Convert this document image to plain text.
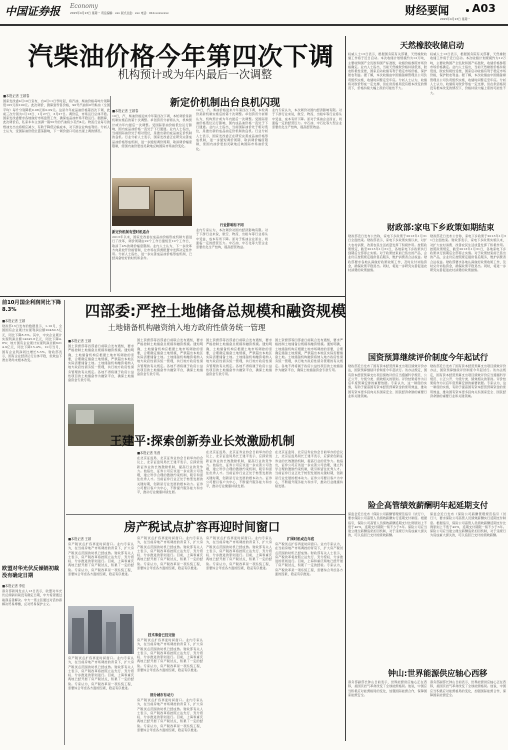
中国证券报 Economy
2015年4月13日 星期一 责任编辑：xxx 版式总监：xxx 电话：010-xxxxxxxx	财经要闻 A03
2015年4月13日 星期一
汽柴油价格今年第四次下调
机构预计或为年内最后一次调整
■本报记者 王颖春
国家发改委4月10日宣布，自4月11日零时起，将汽油、柴油价格每吨分别降低105元和100元。此次调价，测算到零售价格，90号汽油和0号柴油（全国平均）每升分别降低0.08元和0.09元。这是今年成品油价格第四次下调，此前三次分别为1月13日、1月27日、3月27日。调价后，市场运行总体平稳。国家发改委要求各地做好市场监管工作，确保成品油市场平稳运行。据测算，此次调价后，私家车车主加满一箱50升的汽油将少花约4元。物流行业每月的燃油支出也将相应减少，有助于降低运输成本，对下游企业构成利好。分析人士认为，受国际油价低位震荡影响，下一调价窗口可能出现上调的情况。
新定价机制出台良机闪现
■本报记者 王颖春
10日，汽、柴油价格迎来今年第四次下调，本轮调价是新机制实施后的第十次调整。卓创资讯分析师认为，机构预计或为年内最后一次调整。受国际原油价格低位运行影响，国内成品油价格一直处于下行通道。业内人士指出，当前国际油价处于相对低位，是推出新的成品油定价机制的良机。行业分析人士表示，国家发改委正在研究完善成品油价格形成机制，进一步缩短调价周期、取消调价幅度限制，使国内油价更加灵敏地反映国际市场油价变化。
新定价机制有望时机适合
2013年以来，国家发改委在成品油价格形成机制方面进行了改革，调价周期由22个工作日缩短至10个工作日，取消了4%的调价幅度限制。业内人士认为，下一步改革方向是放开价格管制，让市场在资源配置中发挥决定性作用。分析人士指出，进一步完善成品油价格形成机制，已经具备较好的时机和条件。
10日，汽、柴油价格迎来今年第四次下调，本轮调价是新机制实施后的第十次调整。卓创资讯分析师认为，机构预计或为年内最后一次调整。受国际原油价格低位运行影响，国内成品油价格一直处于下行通道。业内人士指出，当前国际油价处于相对低位，是推出新的成品油定价机制的良机。行业分析人士表示，国家发改委正在研究完善成品油价格形成机制，进一步缩短调价周期、取消调价幅度限制，使国内油价更加灵敏地反映国际市场油价变化。
行业影响有不同
业内专家认为，本次调价对国内经济影响有限。对于下游行业来说，航空、物流、出租车等行业将从中受益，成本有所下降。而对于炼油企业而言，则面临一定的经营压力。中石油、中石化等大型企业需要优化生产结构，提高经营效益。
业内专家认为，本次调价对国内经济影响有限。对于下游行业来说，航空、物流、出租车等行业将从中受益，成本有所下降。而对于炼油企业而言，则面临一定的经营压力。中石油、中石化等大型企业需要优化生产结构，提高经营效益。
天然橡胶收储启动
权威人士13日表示，根据国务院有关部署，天然橡胶收储工作将于近日启动。本次收储计划规模约为12万吨，主要收购国产全乳胶和国产标准胶，收储价格参照市场价格确定。业内人士指出，当前天然橡胶价格持续低迷，胶农积极性受挫，国家启动收储有利于稳定市场价格，保护胶农利益。据了解，本次收储由中国储备棉管理总公司负责组织实施，收储时间暂定至年底。分析人士认为，收储将对胶价形成一定支撑，但在供需格局没有根本改变的情况下，价格持续大幅上涨的可能性不大。
权威人士13日表示，根据国务院有关部署，天然橡胶收储工作将于近日启动。本次收储计划规模约为12万吨，主要收购国产全乳胶和国产标准胶，收储价格参照市场价格确定。业内人士指出，当前天然橡胶价格持续低迷，胶农积极性受挫，国家启动收储有利于稳定市场价格，保护胶农利益。据了解，本次收储由中国储备棉管理总公司负责组织实施，收储时间暂定至年底。分析人士认为，收储将对胶价形成一定支撑，但在供需格局没有根本改变的情况下，价格持续大幅上涨的可能性不大。
财政部:家电下乡政策如期结束
财政部近日发布公告称，家电下乡政策于2013年1月31日全面结束。财政部表示，家电下乡政策实施以来，对扩大农村消费、改善农民生活质量发挥了积极作用。按照政策规定，截至2013年1月31日，各地家电下乡政策执行到期后全部停止实施。对于政策结束前已售出的产品，企业仍应按照规定提供售后服务，维护消费者合法权益。财政部要求各地认真做好政策收尾工作，及时兑付补贴资金，确保政策平稳退出。同时，将进一步研究完善促进农村消费的政策措施。
财政部近日发布公告称，家电下乡政策于2013年1月31日全面结束。财政部表示，家电下乡政策实施以来，对扩大农村消费、改善农民生活质量发挥了积极作用。按照政策规定，截至2013年1月31日，各地家电下乡政策执行到期后全部停止实施。对于政策结束前已售出的产品，企业仍应按照规定提供售后服务，维护消费者合法权益。财政部要求各地认真做好政策收尾工作，及时兑付补贴资金，确保政策平稳退出。同时，将进一步研究完善促进农村消费的政策措施。
国资预算继续评价制度今年起试行
财政部近日发布了国有资本经营预算支出项目绩效评价办法，国资预算继续评价制度今年起试行。该办法规定，国有资本经营预算支出项目绩效评价应当遵循科学规范、公正公开、分级分类、绩效相关的原则。评价结果将作为以后年度预算安排的重要依据。专家认为，这一制度的实施，有助于提高国有资本经营预算资金的使用效益，推动国有资本更多投向关系国家安全、国民经济命脉的重要行业和关键领域。
财政部近日发布了国有资本经营预算支出项目绩效评价办法，国资预算继续评价制度今年起试行。该办法规定，国有资本经营预算支出项目绩效评价应当遵循科学规范、公正公开、分级分类、绩效相关的原则。评价结果将作为以后年度预算安排的重要依据。专家认为，这一制度的实施，有助于提高国有资本经营预算资金的使用效益，推动国有资本更多投向关系国家安全、国民经济命脉的重要行业和关键领域。
险企高管绩效薪酬明年起延期支付
保监会近日发布《保险公司薪酬管理规范指引（试行）》，要求保险公司高管人员绩效薪酬实行延期支付制度。根据指引，保险公司高管人员绩效薪酬延期支付比例原则上不低于40%，延期支付期限一般不少于3年。保险公司应当建立健全薪酬追索扣回机制，对于违规行为造成重大损失的，可以追回已支付的绩效薪酬。
保监会近日发布《保险公司薪酬管理规范指引（试行）》，要求保险公司高管人员绩效薪酬实行延期支付制度。根据指引，保险公司高管人员绩效薪酬延期支付比例原则上不低于40%，延期支付期限一般不少于3年。保险公司应当建立健全薪酬追索扣回机制，对于违规行为造成重大损失的，可以追回已支付的绩效薪酬。
钟山:世界能源供应轴心西移
商务部副部长钟山日前表示，世界能源供应轴心正在西移，美国页岩气革命改变了全球能源格局。他说，中国应当积极应对能源格局的变化，加强国际能源合作，保障国家能源安全。
商务部副部长钟山日前表示，世界能源供应轴心正在西移，美国页岩气革命改变了全球能源格局。他说，中国应当积极应对能源格局的变化，加强国际能源合作，保障国家能源安全。
前10月国企利润同比下降8.3%
■本报记者 王颖
财政部13日发布的数据显示，1-10月，全国国有企业累计实现利润总额20460.5亿元，同比下降8.3%。其中，中央企业累计实现利润总额14245.6亿元，同比下降4.8%；地方国有企业累计实现利润总额6214.9亿元，同比下降15.4%。10月当月，国有企业利润同比增长5.3%。财政部表示，国有企业经济运行总体平稳，但效益下滑态势尚未根本改变。
欧盟对华光伏反倾销初裁没有确定日期
■本报记者 李佳
商务部新闻发言人13日表示，欧盟对华光伏反倾销初裁没有确定日期，中方希望通过磋商妥善解决。中方一贯主张通过对话协商解决贸易摩擦，反对贸易保护主义。
四部委:严控土地储备总规模和融资规模
土地储备机构融资纳入地方政府性债务统一管理
■本报记者 王颖
国土资源部等四部委日前联合发布通知，要求严格控制土地储备总规模和融资规模。通知明确，土地储备机构应根据土地市场调控的需要，合理确定储备土地规模，严禁超出本地区实际需要储备土地。土地储备机构融资将纳入地方政府性债务统一管理，执行地方政府性债务管理的有关规定。各地不得将属于政府公益性项目的土地储备作为融资平台，确保土地储备资金专款专用。
国土资源部等四部委日前联合发布通知，要求严格控制土地储备总规模和融资规模。通知明确，土地储备机构应根据土地市场调控的需要，合理确定储备土地规模，严禁超出本地区实际需要储备土地。土地储备机构融资将纳入地方政府性债务统一管理，执行地方政府性债务管理的有关规定。各地不得将属于政府公益性项目的土地储备作为融资平台，确保土地储备资金专款专用。
国土资源部等四部委日前联合发布通知，要求严格控制土地储备总规模和融资规模。通知明确，土地储备机构应根据土地市场调控的需要，合理确定储备土地规模，严禁超出本地区实际需要储备土地。土地储备机构融资将纳入地方政府性债务统一管理，执行地方政府性债务管理的有关规定。各地不得将属于政府公益性项目的土地储备作为融资平台，确保土地储备资金专款专用。
国土资源部等四部委日前联合发布通知，要求严格控制土地储备总规模和融资规模。通知明确，土地储备机构应根据土地市场调控的需要，合理确定储备土地规模，严禁超出本地区实际需要储备土地。土地储备机构融资将纳入地方政府性债务统一管理，执行地方政府性债务管理的有关规定。各地不得将属于政府公益性项目的土地储备作为融资平台，确保土地储备资金专款专用。
王建平:探索创新券业长效激励机制
■本报记者 朱茵
在北京证监局、北京证券业协会日前举办的会议上，北京证监局局长王建平表示，应探索创新证券业的长效激励机制，提高行业的竞争力。他指出，证券公司应该进一步完善公司治理，建立科学合理的激励约束机制，吸引和留住优秀人才。当前证券行业正处于转型发展的关键时期，创新是行业发展的根本动力。证券公司要以客户为中心，不断提升服务能力和水平，推动行业健康持续发展。
在北京证监局、北京证券业协会日前举办的会议上，北京证监局局长王建平表示，应探索创新证券业的长效激励机制，提高行业的竞争力。他指出，证券公司应该进一步完善公司治理，建立科学合理的激励约束机制，吸引和留住优秀人才。当前证券行业正处于转型发展的关键时期，创新是行业发展的根本动力。证券公司要以客户为中心，不断提升服务能力和水平，推动行业健康持续发展。
在北京证监局、北京证券业协会日前举办的会议上，北京证监局局长王建平表示，应探索创新证券业的长效激励机制，提高行业的竞争力。他指出，证券公司应该进一步完善公司治理，建立科学合理的激励约束机制，吸引和留住优秀人才。当前证券行业正处于转型发展的关键时期，创新是行业发展的根本动力。证券公司要以客户为中心，不断提升服务能力和水平，推动行业健康持续发展。
房产税试点扩容再迎时间窗口
■本报记者 王颖
房产税试点扩容再迎时间窗口。业内专家认为，在当前房地产市场调控的背景下，扩大房产税试点范围的时机已经成熟。财政部有关人士表示，房产税改革将按照立法先行、充分授权、分步推进的原则进行。目前，上海和重庆两地已经开展了房产税试点，积累了一定的经验。专家认为，房产税改革是一项系统工程，需要综合考虑各方面的因素，稳妥有序推进。
房产税试点扩容再迎时间窗口。业内专家认为，在当前房地产市场调控的背景下，扩大房产税试点范围的时机已经成熟。财政部有关人士表示，房产税改革将按照立法先行、充分授权、分步推进的原则进行。目前，上海和重庆两地已经开展了房产税试点，积累了一定的经验。专家认为，房产税改革是一项系统工程，需要综合考虑各方面的因素，稳妥有序推进。
房产税试点扩容再迎时间窗口。业内专家认为，在当前房地产市场调控的背景下，扩大房产税试点范围的时机已经成熟。财政部有关人士表示，房产税改革将按照立法先行、充分授权、分步推进的原则进行。目前，上海和重庆两地已经开展了房产税试点，积累了一定的经验。专家认为，房产税改革是一项系统工程，需要综合考虑各方面的因素，稳妥有序推进。
技术准备已经完备
房产税试点扩容再迎时间窗口。业内专家认为，在当前房地产市场调控的背景下，扩大房产税试点范围的时机已经成熟。财政部有关人士表示，房产税改革将按照立法先行、充分授权、分步推进的原则进行。目前，上海和重庆两地已经开展了房产税试点，积累了一定的经验。专家认为，房产税改革是一项系统工程，需要综合考虑各方面的因素，稳妥有序推进。
部分城市有动力
房产税试点扩容再迎时间窗口。业内专家认为，在当前房地产市场调控的背景下，扩大房产税试点范围的时机已经成熟。财政部有关人士表示，房产税改革将按照立法先行、充分授权、分步推进的原则进行。目前，上海和重庆两地已经开展了房产税试点，积累了一定的经验。专家认为，房产税改革是一项系统工程，需要综合考虑各方面的因素，稳妥有序推进。
房产税试点扩容再迎时间窗口。业内专家认为，在当前房地产市场调控的背景下，扩大房产税试点范围的时机已经成熟。财政部有关人士表示，房产税改革将按照立法先行、充分授权、分步推进的原则进行。目前，上海和重庆两地已经开展了房产税试点，积累了一定的经验。专家认为，房产税改革是一项系统工程，需要综合考虑各方面的因素，稳妥有序推进。
扩围时机或在年底
房产税试点扩容再迎时间窗口。业内专家认为，在当前房地产市场调控的背景下，扩大房产税试点范围的时机已经成熟。财政部有关人士表示，房产税改革将按照立法先行、充分授权、分步推进的原则进行。目前，上海和重庆两地已经开展了房产税试点，积累了一定的经验。专家认为，房产税改革是一项系统工程，需要综合考虑各方面的因素，稳妥有序推进。
